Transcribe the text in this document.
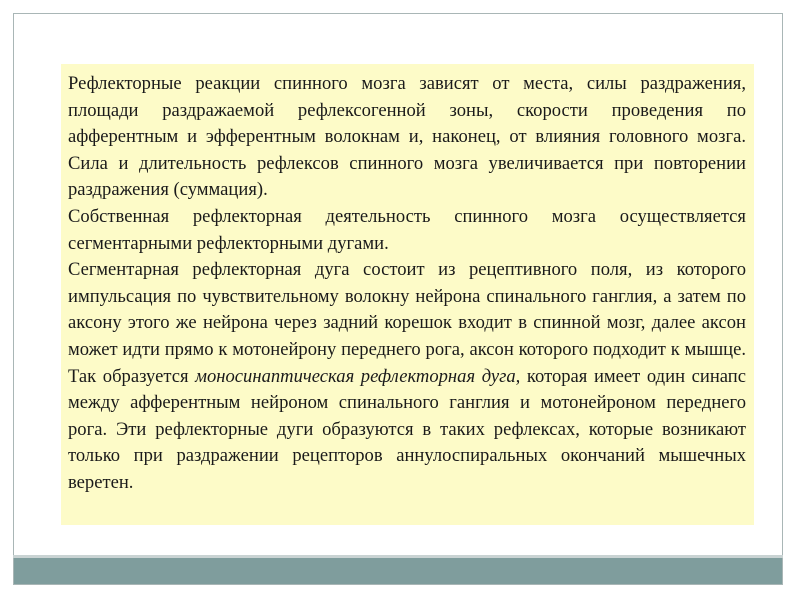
Рефлекторные реакции спинного мозга зависят от места, силы раздражения, площади раздражаемой рефлексогенной зоны, скорости проведения по афферентным и эфферентным волокнам и, наконец, от влияния головного мозга. Сила и длительность рефлексов спинного мозга увеличивается при повторении раздражения (суммация).

Собственная рефлекторная деятельность спинного мозга осуществляется сегментарными рефлекторными дугами.

Сегментарная рефлекторная дуга состоит из рецептивного поля, из которого импульсация по чувствительному волокну нейрона спинального ганглия, а затем по аксону этого же нейрона через задний корешок входит в спинной мозг, далее аксон может идти прямо к мотонейрону переднего рога, аксон которого подходит к мышце. Так образуется моносинаптическая рефлекторная дуга, которая имеет один синапс между афферентным нейроном спинального ганглия и мотонейроном переднего рога. Эти рефлекторные дуги образуются в таких рефлексах, которые возникают только при раздражении рецепторов аннулоспиральных окончаний мышечных веретен.
